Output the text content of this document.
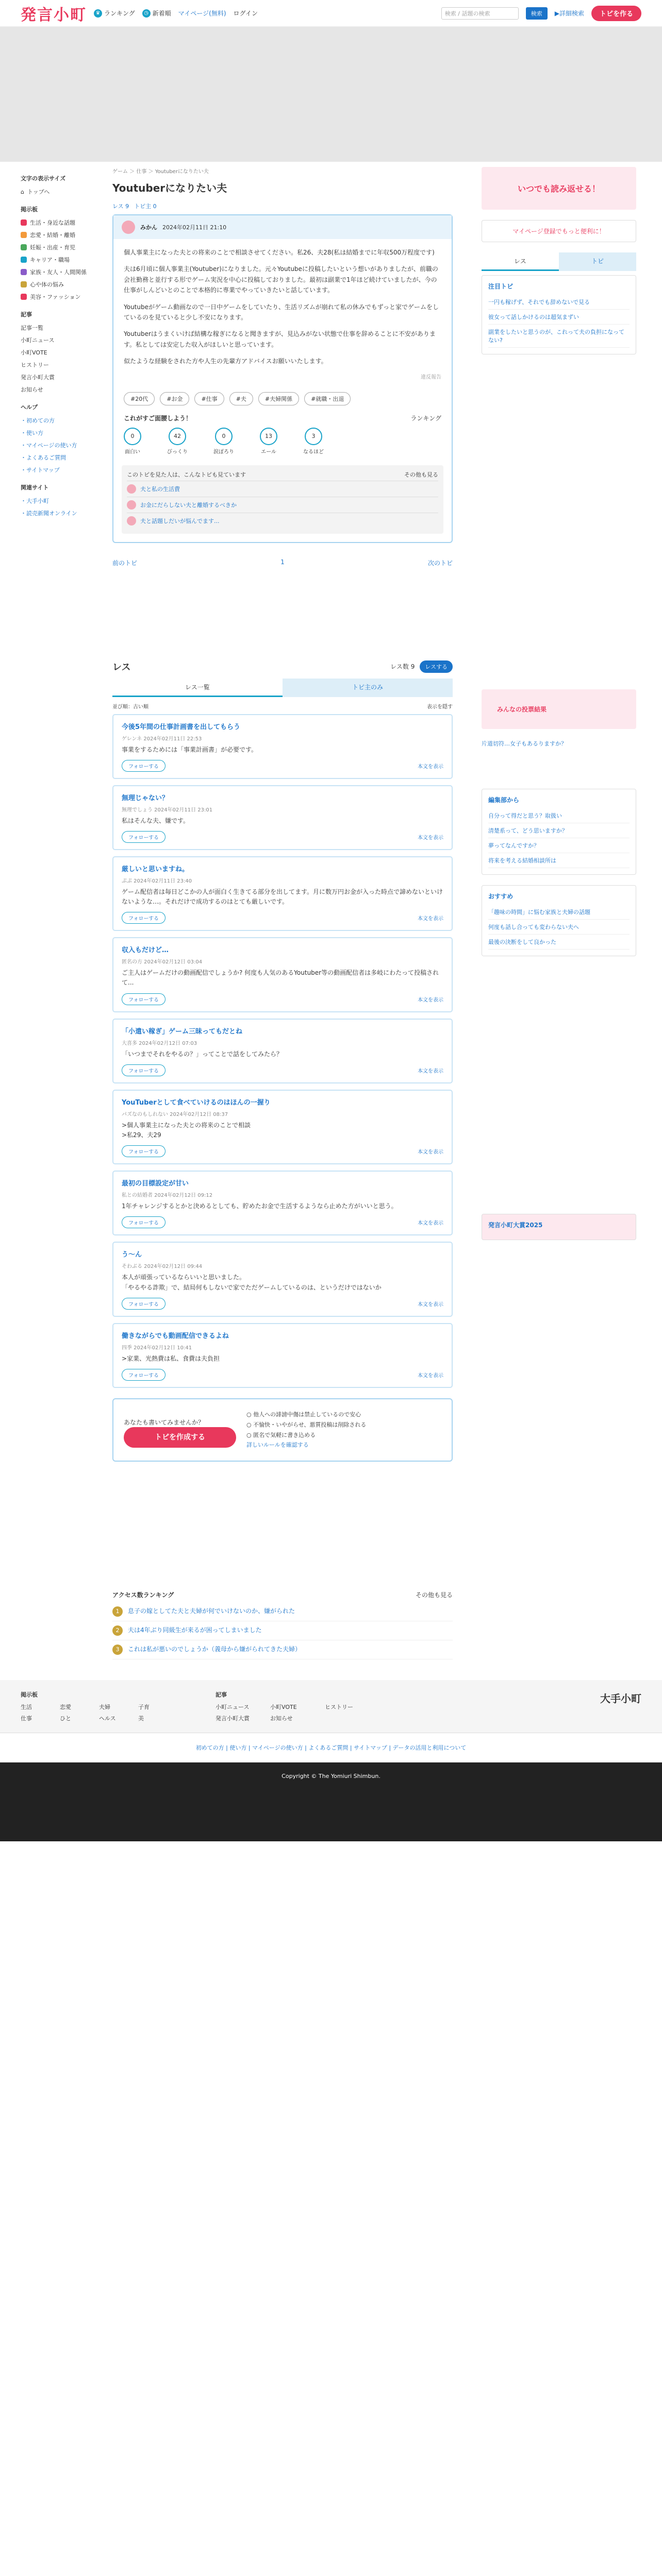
発言小町	♛ ランキング	◷ 新着順 マイページ(無料) ログイン	検索 / 話題の検索	検索	▶詳細検索	トピを作る
文字の表示サイズ
⌂ トップへ
掲示板
生活・身近な話題
恋愛・結婚・離婚
妊娠・出産・育児
キャリア・職場
家族・友人・人間関係
心や体の悩み
美容・ファッション
記事
記事一覧
小町ニュース
小町VOTE
ヒストリー
発言小町大賞
お知らせ
ヘルプ
・初めての方
・使い方
・マイページの使い方
・よくあるご質問
・サイトマップ
関連サイト
・大手小町
・読売新聞オンライン
ゲーム ＞ 仕事 ＞ Youtuberになりたい夫
Youtuberになりたい夫
レス 9 トピ主 0
みかん 2024年02月11日 21:10

個人事業主になった夫との将来のことで相談させてください。私26、夫28(私は結婚までに年収500万程度です)

夫は6月頃に個人事業主(Youtuber)になりました。元々Youtubeに投稿したいという想いがありましたが、前職の会社勤務と並行する形でゲーム実況を中心に投稿しておりました。最初は副業で1年ほど続けていましたが、今の仕事がしんどいとのことで本格的に専業でやっていきたいと話しています。

Youtubeがゲーム動画なので一日中ゲームをしていたり、生活リズムが崩れて私の休みでもずっと家でゲームをしているのを見ていると少し不安になります。

Youtuberはうまくいけば結構な稼ぎになると聞きますが、見込みがない状態で仕事を辞めることに不安があります。私としては安定した収入がほしいと思っています。

似たような経験をされた方や人生の先輩方アドバイスお願いいたします。

違反報告
#20代	#お金	#仕事	#夫	#夫婦関係	#就職・出退
これがすご面腰しよう！	ランキング
0
面白い
42
びっくり
0
涙ぽろり
13
エール
3
なるほど
このトピを見た人は、こんなトピも見ています	その他も見る
夫と私の生活費
お金にだらしない夫と離婚するべきか
夫と話題しだいが悩んでます...
前のトピ	1	次のトピ
レス	レス数 9	レスする
レス一覧	トピ主のみ
並び順：古い順	表示を隠す
今後5年間の仕事計画書を出してもらう
ゲレンネ 2024年02月11日 22:53
事業をするためには「事業計画書」が必要です。
フォローする	本文を表示
無理じゃない？
無理でしょう 2024年02月11日 23:01
私はそんな夫、嫌です。
フォローする	本文を表示
厳しいと思いますね。
ぷぷ 2024年02月11日 23:40
ゲーム配信者は毎日どこかの人が面白く生きてる部分を出してます。月に数万円お金が入った時点で諦めないといけないような…。それだけで成功するのはとても厳しいです。
フォローする	本文を表示
収入もだけど…
匿名の方 2024年02月12日 03:04
ご主人はゲームだけの動画配信でしょうか? 何度も人気のあるYoutuber等の動画配信者は多岐にわたって投稿されて...
フォローする	本文を表示
「小遣い稼ぎ」ゲーム三昧ってもだとね
大喜多 2024年02月12日 07:03
「いつまでそれをやるの？」ってことで話をしてみたら？
フォローする	本文を表示
YouTuberとして食べていけるのはほんの一握り
パズなのもしれない 2024年02月12日 08:37
>個人事業主になった夫との将来のことで相談
>私29、夫29
フォローする	本文を表示
最初の目標設定が甘い
私との結婚者 2024年02月12日 09:12
1年チャレンジするとかと決めるとしても、貯めたお金で生活するようなら止めた方がいいと思う。
フォローする	本文を表示
う〜ん
そわぶる 2024年02月12日 09:44
本人が頑張っているならいいと思いました。
「やるやる詐欺」で、結局何もしないで家でただゲームしているのは、というだけではないか
フォローする	本文を表示
働きながらでも動画配信できるよね
四季 2024年02月12日 10:41
>家業、光熱費は私、食費は夫負担
フォローする	本文を表示
あなたも書いてみませんか？
トピを作成する
○ 他人への誹謗中傷は禁止しているので安心
○ 不愉快・いやがらせ、悪質投稿は削除される
○ 匿名で気軽に書き込める
詳しいルールを確認する
アクセス数ランキング	その他も見る
1	息子の嫁としてた夫と夫婦が何でいけないのか、嫌がられた
2	夫は4年ぶり同級生が来るが困ってしまいました
3	これは私が悪いのでしょうか（義母から嫌がられてきた夫婦）
いつでも読み返せる！
マイページ登録でもっと便利に！
レス	トピ
注目トピ
一円も稼げず、それでも辞めないで見る
彼女って話しかけるのは超気まずい
副業をしたいと思うのが、これって夫の負担になってない?
みんなの投票結果
片道切符…女子もあるりますか？
編集部から
自分って得だと思う？取扱い
清楚系って、どう思いますか？
夢ってなんですか？
将来を考える結婚相談所は
おすすめ
「趣味の時間」に悩む家族と夫婦の話題
何度も話し合っても変わらない夫へ
最後の決断をして良かった
発言小町大賞2025
掲示板
生活	恋愛	夫婦	子育
仕事	ひと	ヘルス	美
記事
小町ニュース	小町VOTE	ヒストリー
発言小町大賞	お知らせ
大手小町
初めての方 | 使い方 | マイページの使い方 | よくあるご質問 | サイトマップ | データの活用と利用について
Copyright © The Yomiuri Shimbun.
